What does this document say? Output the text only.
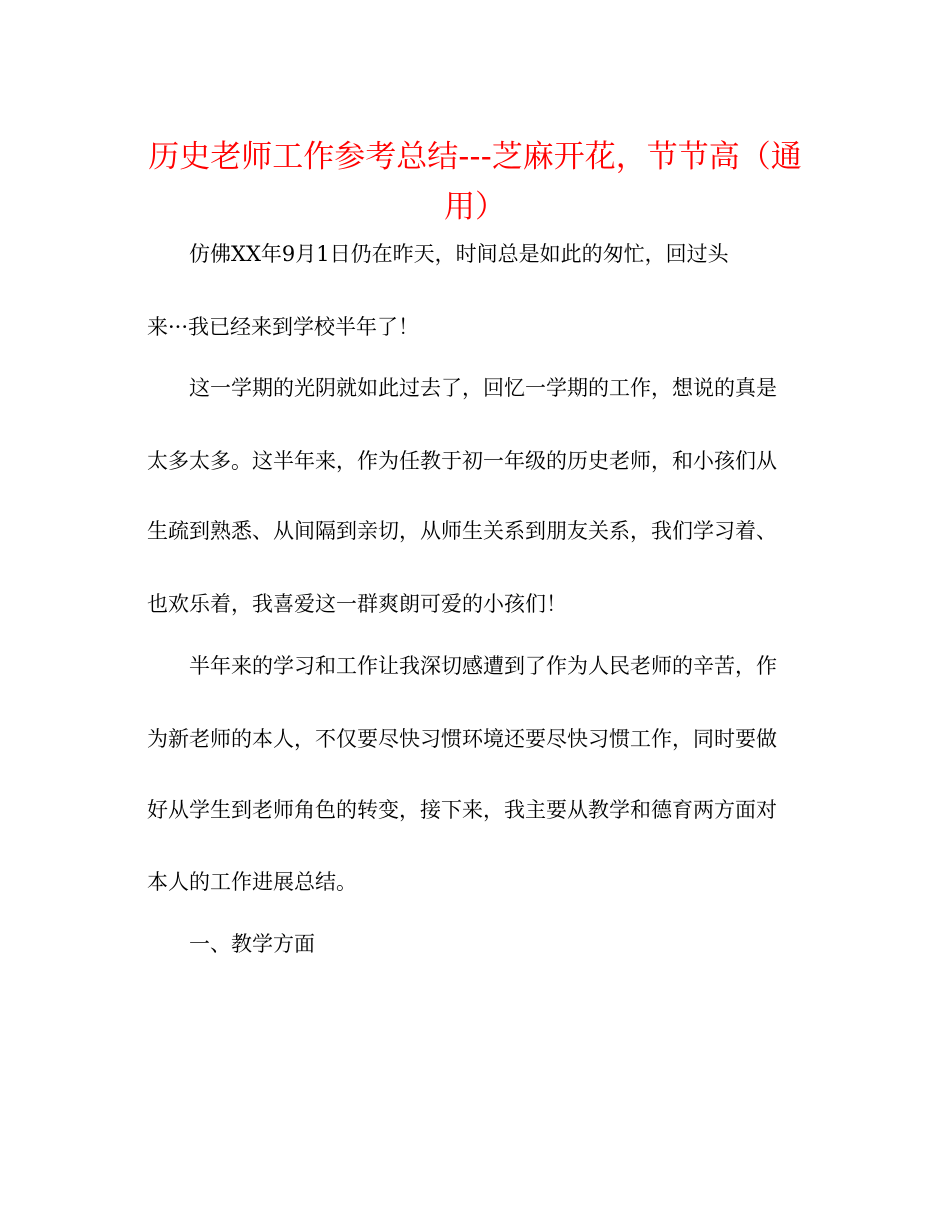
历史老师工作参考总结---芝麻开花，节节高（通用）

　　仿佛XX年9月1日仍在昨天，时间总是如此的匆忙，回过头

来···我已经来到学校半年了！

　　这一学期的光阴就如此过去了，回忆一学期的工作，想说的真是

太多太多。这半年来，作为任教于初一年级的历史老师，和小孩们从

生疏到熟悉、从间隔到亲切，从师生关系到朋友关系，我们学习着、

也欢乐着，我喜爱这一群爽朗可爱的小孩们！

　　半年来的学习和工作让我深切感遭到了作为人民老师的辛苦，作

为新老师的本人，不仅要尽快习惯环境还要尽快习惯工作，同时要做

好从学生到老师角色的转变，接下来，我主要从教学和德育两方面对

本人的工作进展总结。

　　一、教学方面
